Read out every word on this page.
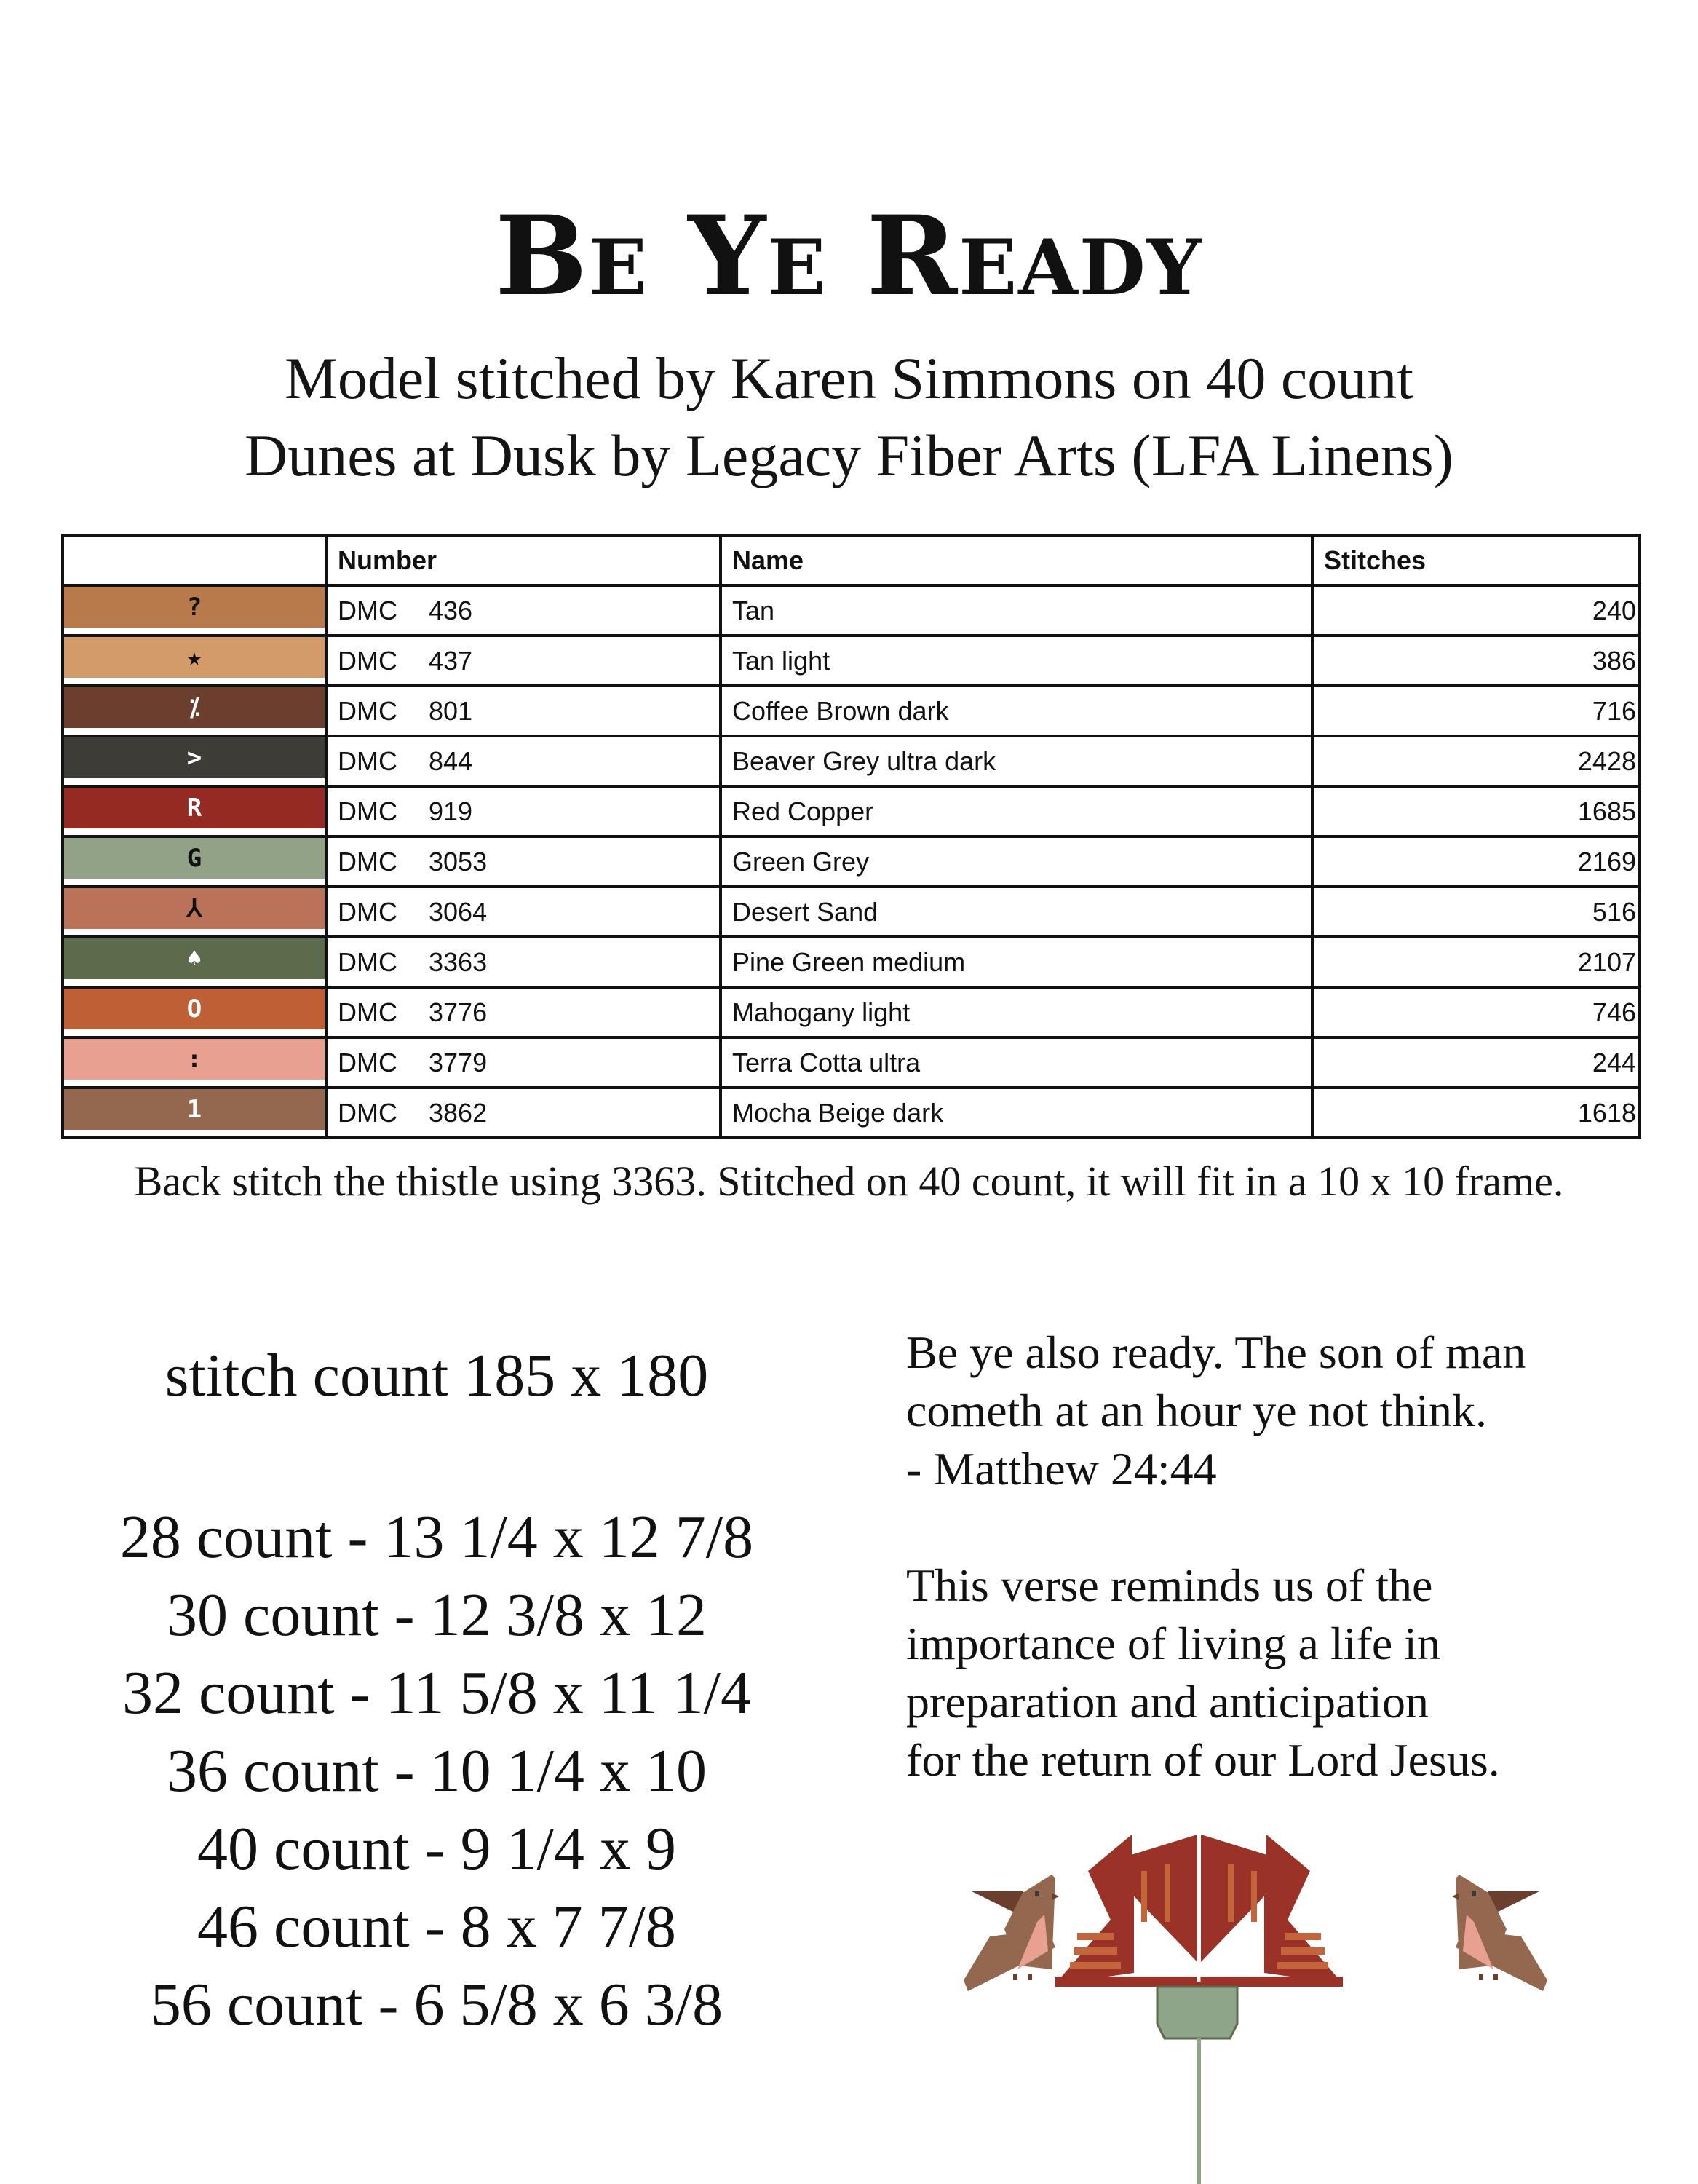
Be Ye Ready
Model stitched by Karen Simmons on 40 count
Dunes at Dusk by Legacy Fiber Arts (LFA Linens)
	Number	Name	Stitches

?	DMC 436	Tan	240

★	DMC 437	Tan light	386

⁒	DMC 801	Coffee Brown dark	716

>	DMC 844	Beaver Grey ultra dark	2428

R	DMC 919	Red Copper	1685

G	DMC 3053	Green Grey	2169

⅄	DMC 3064	Desert Sand	516

♠	DMC 3363	Pine Green medium	2107

O	DMC 3776	Mahogany light	746

:	DMC 3779	Terra Cotta ultra	244

1	DMC 3862	Mocha Beige dark	1618
Back stitch the thistle using 3363. Stitched on 40 count, it will fit in a 10 x 10 frame.
stitch count 185 x 180
28 count - 13 1/4 x 12 7/8
30 count - 12 3/8 x 12
32 count - 11 5/8 x 11 1/4
36 count - 10 1/4 x 10
40 count - 9 1/4 x 9
46 count - 8 x 7 7/8
56 count - 6 5/8 x 6 3/8
Be ye also ready. The son of man
cometh at an hour ye not think.
- Matthew 24:44
This verse reminds us of the
importance of living a life in
preparation and anticipation
for the return of our Lord Jesus.
